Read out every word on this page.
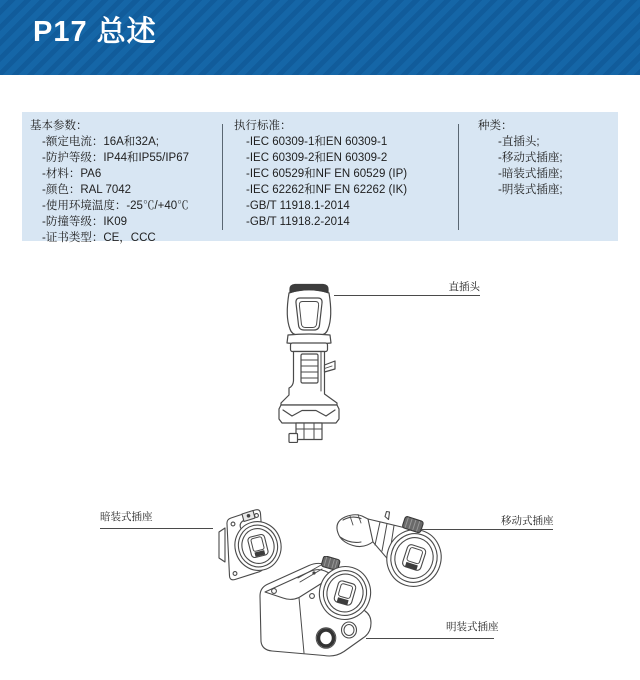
P17 总述
基本参数：
-额定电流：16A和32A;
-防护等级：IP44和IP55/IP67
-材料：PA6
-颜色：RAL 7042
-使用环境温度：-25℃/+40℃
-防撞等级：IK09
-证书类型：CE，CCC
执行标准：
-IEC 60309-1和EN 60309-1
-IEC 60309-2和EN 60309-2
-IEC 60529和NF EN 60529 (IP)
-IEC 62262和NF EN 62262 (IK)
-GB/T 11918.1-2014
-GB/T 11918.2-2014
种类：
-直插头;
-移动式插座;
-暗装式插座;
-明装式插座;
直插头
暗装式插座	移动式插座
明装式插座
